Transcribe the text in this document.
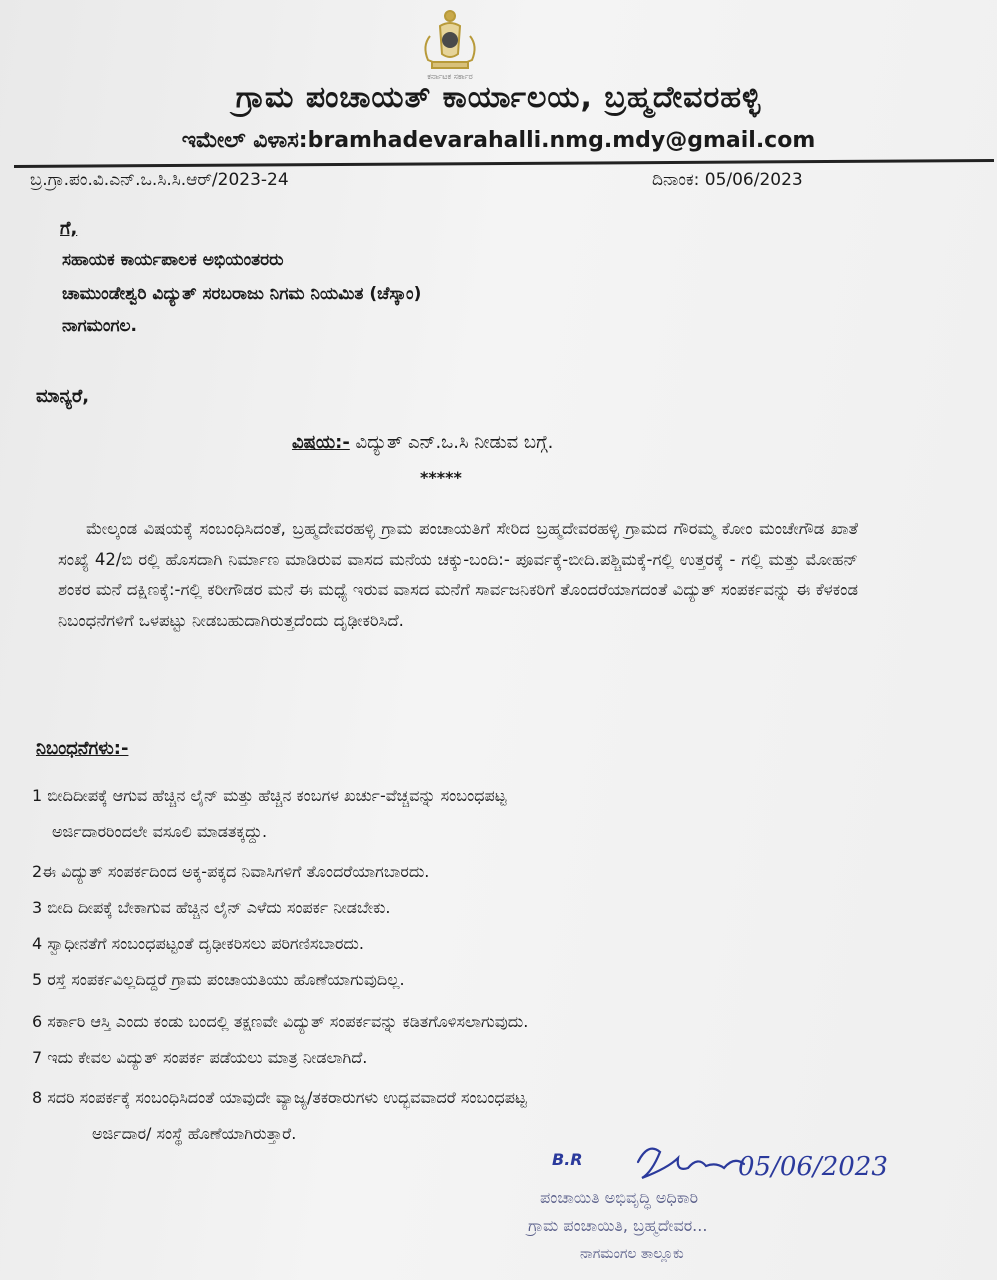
ಕರ್ನಾಟಕ ಸರ್ಕಾರ
ಗ್ರಾಮ ಪಂಚಾಯತ್ ಕಾರ್ಯಾಲಯ, ಬ್ರಹ್ಮದೇವರಹಳ್ಳಿ
ಇಮೇಲ್ ವಿಳಾಸ:bramhadevarahalli.nmg.mdy@gmail.com
ಬ್ರ.ಗ್ರಾ.ಪಂ.ವಿ.ಎನ್.ಒ.ಸಿ.ಸಿ.ಆರ್/2023-24	ದಿನಾಂಕ: 05/06/2023
ಗೆ,
ಸಹಾಯಕ ಕಾರ್ಯಪಾಲಕ ಅಭಿಯಂತರರು
ಚಾಮುಂಡೇಶ್ವರಿ ವಿದ್ಯುತ್ ಸರಬರಾಜು ನಿಗಮ ನಿಯಮಿತ (ಚೆಸ್ಕಾಂ)
ನಾಗಮಂಗಲ.
ಮಾನ್ಯರೆ,
ವಿಷಯ:- ವಿದ್ಯುತ್ ಎನ್.ಒ.ಸಿ ನೀಡುವ ಬಗ್ಗೆ.
*****
ಮೇಲ್ಕಂಡ ವಿಷಯಕ್ಕೆ ಸಂಬಂಧಿಸಿದಂತೆ, ಬ್ರಹ್ಮದೇವರಹಳ್ಳಿ ಗ್ರಾಮ ಪಂಚಾಯತಿಗೆ ಸೇರಿದ ಬ್ರಹ್ಮದೇವರಹಳ್ಳಿ ಗ್ರಾಮದ ಗೌರಮ್ಮ ಕೋಂ ಮಂಚೇಗೌಡ ಖಾತೆ ಸಂಖ್ಯೆ 42/ಬಿ ರಲ್ಲಿ ಹೊಸದಾಗಿ ನಿರ್ಮಾಣ ಮಾಡಿರುವ ವಾಸದ ಮನೆಯ ಚಕ್ಕು-ಬಂದಿ:- ಪೂರ್ವಕ್ಕೆ-ಬೀದಿ.ಪಶ್ಚಿಮಕ್ಕೆ-ಗಲ್ಲಿ ಉತ್ತರಕ್ಕೆ - ಗಲ್ಲಿ ಮತ್ತು ಮೋಹನ್ ಶಂಕರ ಮನೆ ದಕ್ಷಿಣಕ್ಕೆ:-ಗಲ್ಲಿ ಕರೀಗೌಡರ ಮನೆ ಈ ಮಧ್ಯೆ ಇರುವ ವಾಸದ ಮನೆಗೆ ಸಾರ್ವಜನಿಕರಿಗೆ ತೊಂದರೆಯಾಗದಂತೆ ವಿದ್ಯುತ್ ಸಂಪರ್ಕವನ್ನು ಈ ಕೆಳಕಂಡ ನಿಬಂಧನೆಗಳಿಗೆ ಒಳಪಟ್ಟು ನೀಡಬಹುದಾಗಿರುತ್ತದೆಂದು ದೃಢೀಕರಿಸಿದೆ.
ನಿಬಂಧನೆಗಳು:-
1 ಬೀದಿದೀಪಕ್ಕೆ ಆಗುವ ಹೆಚ್ಚಿನ ಲೈನ್ ಮತ್ತು ಹೆಚ್ಚಿನ ಕಂಬಗಳ ಖರ್ಚು-ವೆಚ್ಚವನ್ನು ಸಂಬಂಧಪಟ್ಟ
ಅರ್ಜಿದಾರರಿಂದಲೇ ವಸೂಲಿ ಮಾಡತಕ್ಕದ್ದು.
2ಈ ವಿದ್ಯುತ್ ಸಂಪರ್ಕದಿಂದ ಅಕ್ಕ-ಪಕ್ಕದ ನಿವಾಸಿಗಳಿಗೆ ತೊಂದರೆಯಾಗಬಾರದು.
3 ಬೀದಿ ದೀಪಕ್ಕೆ ಬೇಕಾಗುವ ಹೆಚ್ಚಿನ ಲೈನ್ ಎಳೆದು ಸಂಪರ್ಕ ನೀಡಬೇಕು.
4 ಸ್ವಾಧೀನತೆಗೆ ಸಂಬಂಧಪಟ್ಟಂತೆ ದೃಢೀಕರಿಸಲು ಪರಿಗಣಿಸಬಾರದು.
5 ರಸ್ತೆ ಸಂಪರ್ಕವಿಲ್ಲದಿದ್ದರೆ ಗ್ರಾಮ ಪಂಚಾಯತಿಯು ಹೊಣೆಯಾಗುವುದಿಲ್ಲ.
6 ಸರ್ಕಾರಿ ಆಸ್ತಿ ಎಂದು ಕಂಡು ಬಂದಲ್ಲಿ ತಕ್ಷಣವೇ ವಿದ್ಯುತ್ ಸಂಪರ್ಕವನ್ನು ಕಡಿತಗೊಳಿಸಲಾಗುವುದು.
7 ಇದು ಕೇವಲ ವಿದ್ಯುತ್ ಸಂಪರ್ಕ ಪಡೆಯಲು ಮಾತ್ರ ನೀಡಲಾಗಿದೆ.
8 ಸದರಿ ಸಂಪರ್ಕಕ್ಕೆ ಸಂಬಂಧಿಸಿದಂತೆ ಯಾವುದೇ ವ್ಯಾಜ್ಯ/ತಕರಾರುಗಳು ಉದ್ಭವವಾದರೆ ಸಂಬಂಧಪಟ್ಟ
ಅರ್ಜಿದಾರ/ ಸಂಸ್ಥೆ ಹೊಣೆಯಾಗಿರುತ್ತಾರೆ.
B.R	05/06/2023
ಪಂಚಾಯಿತಿ ಅಭಿವೃದ್ಧಿ ಅಧಿಕಾರಿ
ಗ್ರಾಮ ಪಂಚಾಯಿತಿ, ಬ್ರಹ್ಮದೇವರ...
ನಾಗಮಂಗಲ ತಾಲ್ಲೂಕು
